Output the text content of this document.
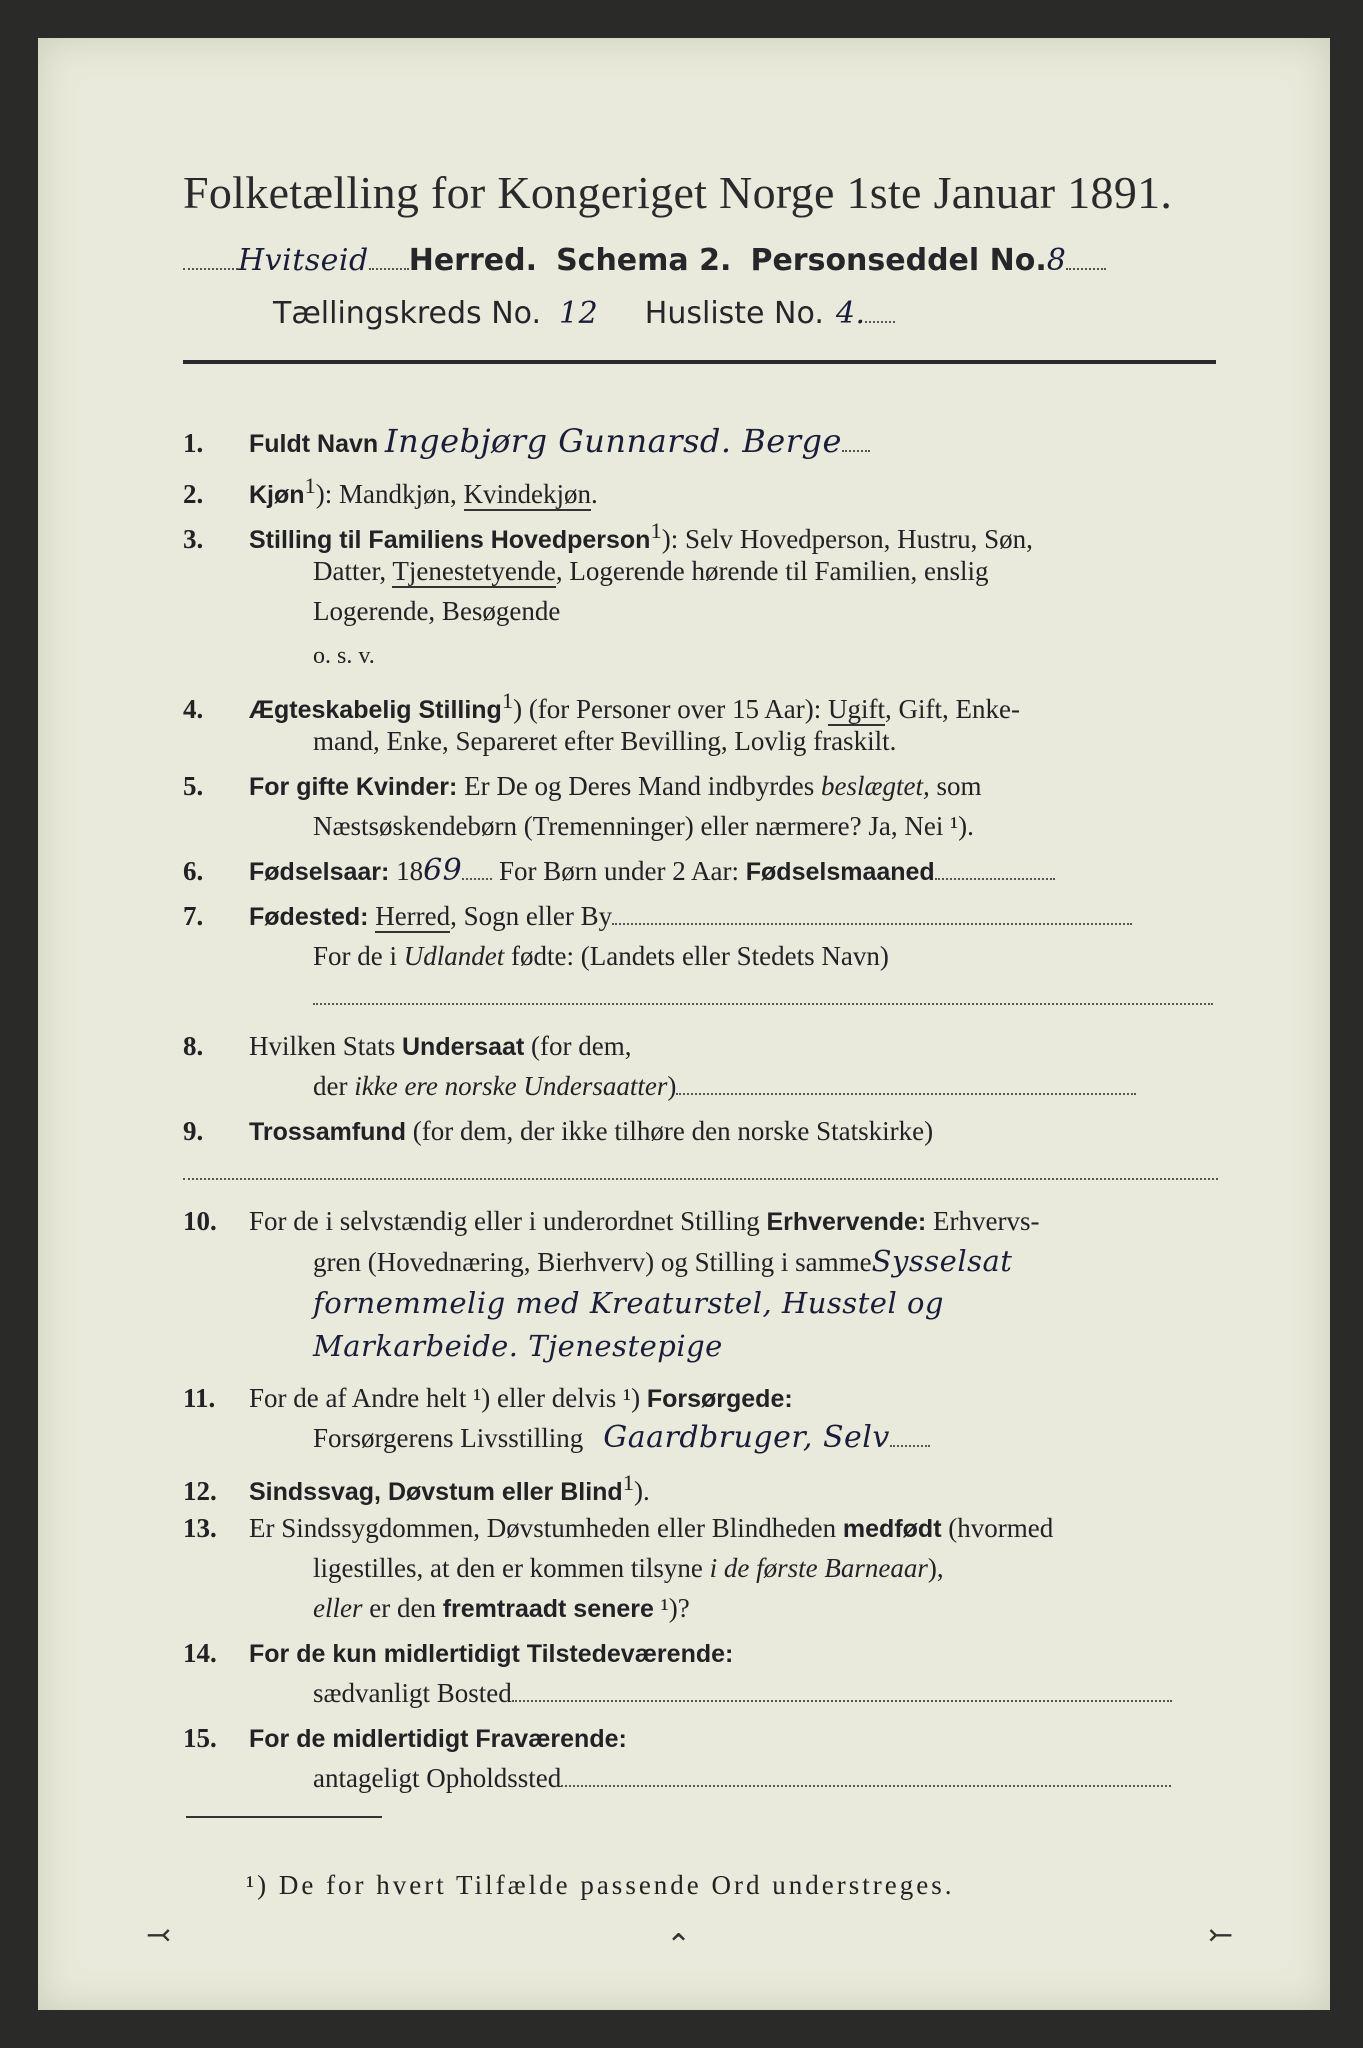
Folketælling for Kongeriget Norge 1ste Januar 1891.
Hvitseid Herred. Schema 2. Personseddel No.8
Tællingskreds No. 12 Husliste No. 4.
1. Fuldt Navn Ingebjørg Gunnarsd. Berge
2. Kjøn$^1$): Mandkjøn, Kvindekjøn.
3. Stilling til Familiens Hovedperson$^1$): Selv Hovedperson, Hustru, Søn,
Datter, Tjenestetyende, Logerende hørende til Familien, enslig
Logerende, Besøgende
o. s. v.
4. Ægteskabelig Stilling$^1$) (for Personer over 15 Aar): Ugift, Gift, Enke-
mand, Enke, Separeret efter Bevilling, Lovlig fraskilt.
5. For gifte Kvinder: Er De og Deres Mand indbyrdes beslægtet, som
Næstsøskendebørn (Tremenninger) eller nærmere? Ja, Nei ¹).
6. Fødselsaar: 1869 For Børn under 2 Aar: Fødselsmaaned
7. Fødested: Herred, Sogn eller By
For de i Udlandet fødte: (Landets eller Stedets Navn)
8. Hvilken Stats Undersaat (for dem,
der ikke ere norske Undersaatter)
9. Trossamfund (for dem, der ikke tilhøre den norske Statskirke)
10. For de i selvstændig eller i underordnet Stilling Erhvervende: Erhvervs-
gren (Hovednæring, Bierhverv) og Stilling i sammeSysselsat
fornemmelig med Kreaturstel, Husstel og
Markarbeide. Tjenestepige
11. For de af Andre helt ¹) eller delvis ¹) Forsørgede:
Forsørgerens Livsstilling Gaardbruger, Selv
12. Sindssvag, Døvstum eller Blind$^1$).
13. Er Sindssygdommen, Døvstumheden eller Blindheden medfødt (hvormed
ligestilles, at den er kommen tilsyne i de første Barneaar),
eller er den fremtraadt senere ¹)?
14. For de kun midlertidigt Tilstedeværende:
sædvanligt Bosted
15. For de midlertidigt Fraværende:
antageligt Opholdssted
¹) De for hvert Tilfælde passende Ord understreges.
⤙	⌃	⤚
